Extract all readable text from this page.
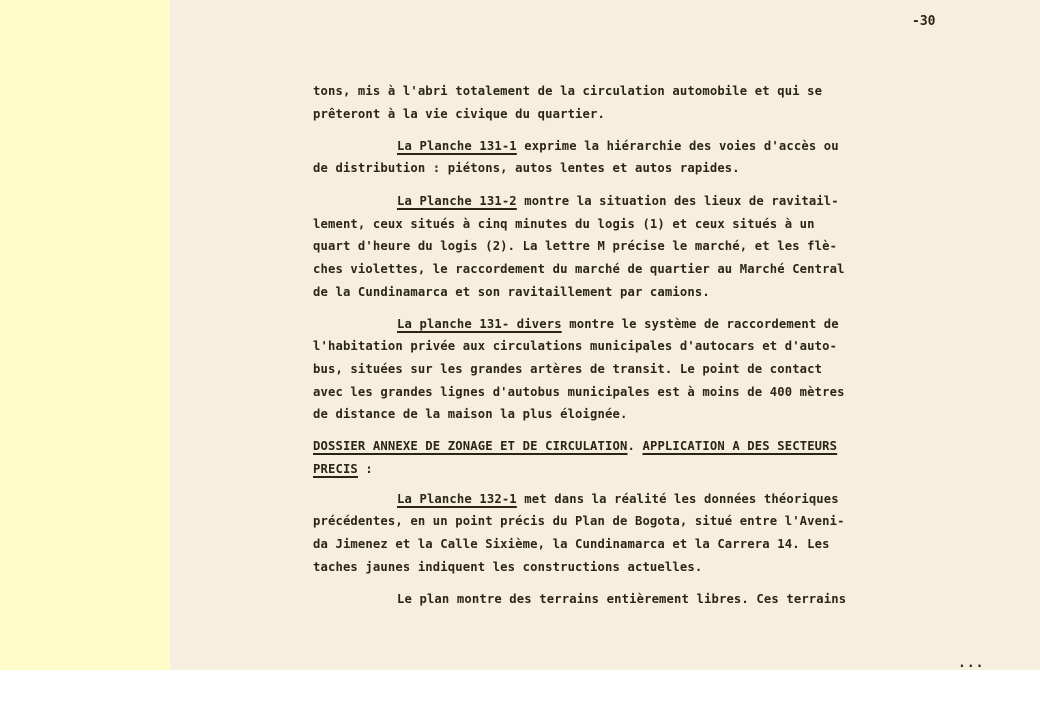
-30
tons, mis à l'abri totalement de la circulation automobile et qui se
prêteront à la vie civique du quartier.
La Planche 131-1 exprime la hiérarchie des voies d'accès ou
de distribution : piétons, autos lentes et autos rapides.
La Planche 131-2 montre la situation des lieux de ravitail-
lement, ceux situés à cinq minutes du logis (1) et ceux situés à un
quart d'heure du logis (2). La lettre M précise le marché, et les flè-
ches violettes, le raccordement du marché de quartier au Marché Central
de la Cundinamarca et son ravitaillement par camions.
La planche 131- divers montre le système de raccordement de
l'habitation privée aux circulations municipales d'autocars et d'auto-
bus, situées sur les grandes artères de transit. Le point de contact
avec les grandes lignes d'autobus municipales est à moins de 400 mètres
de distance de la maison la plus éloignée.
DOSSIER ANNEXE DE ZONAGE ET DE CIRCULATION. APPLICATION A DES SECTEURS
PRECIS :
La Planche 132-1 met dans la réalité les données théoriques
précédentes, en un point précis du Plan de Bogota, situé entre l'Aveni-
da Jimenez et la Calle Sixième, la Cundinamarca et la Carrera 14. Les
taches jaunes indiquent les constructions actuelles.
Le plan montre des terrains entièrement libres. Ces terrains
...
